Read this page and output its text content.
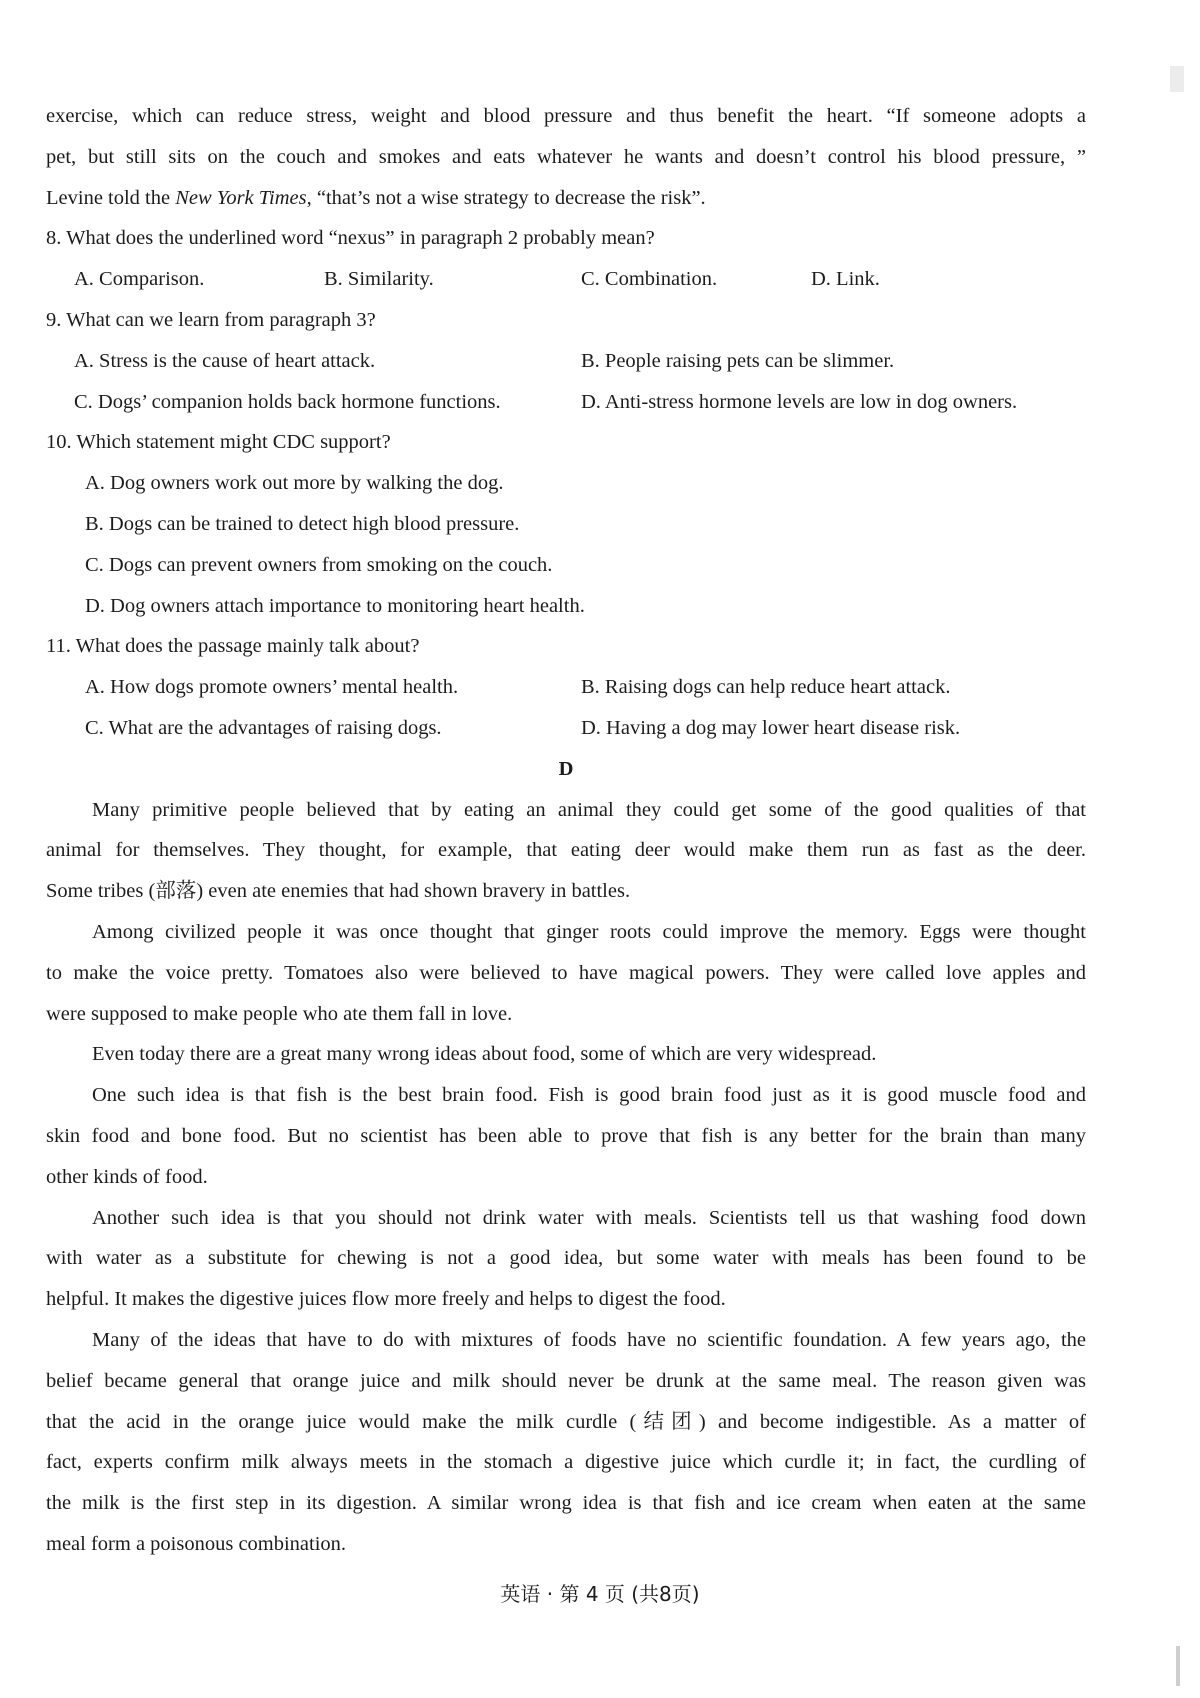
exercise, which can reduce stress, weight and blood pressure and thus benefit the heart. “If someone adopts a
pet, but still sits on the couch and smokes and eats whatever he wants and doesn’t control his blood pressure, ”
Levine told the New York Times, “that’s not a wise strategy to decrease the risk”.
8. What does the underlined word “nexus” in paragraph 2 probably mean?
A. Comparison.	B. Similarity.	C. Combination.	D. Link.
9. What can we learn from paragraph 3?
A. Stress is the cause of heart attack.	B. People raising pets can be slimmer.
C. Dogs’ companion holds back hormone functions.	D. Anti-stress hormone levels are low in dog owners.
10. Which statement might CDC support?
A. Dog owners work out more by walking the dog.
B. Dogs can be trained to detect high blood pressure.
C. Dogs can prevent owners from smoking on the couch.
D. Dog owners attach importance to monitoring heart health.
11. What does the passage mainly talk about?
A. How dogs promote owners’ mental health.	B. Raising dogs can help reduce heart attack.
C. What are the advantages of raising dogs.	D. Having a dog may lower heart disease risk.
D
Many primitive people believed that by eating an animal they could get some of the good qualities of that
animal for themselves. They thought, for example, that eating deer would make them run as fast as the deer.
Some tribes (部落) even ate enemies that had shown bravery in battles.
Among civilized people it was once thought that ginger roots could improve the memory. Eggs were thought
to make the voice pretty. Tomatoes also were believed to have magical powers. They were called love apples and
were supposed to make people who ate them fall in love.
Even today there are a great many wrong ideas about food, some of which are very widespread.
One such idea is that fish is the best brain food. Fish is good brain food just as it is good muscle food and
skin food and bone food. But no scientist has been able to prove that fish is any better for the brain than many
other kinds of food.
Another such idea is that you should not drink water with meals. Scientists tell us that washing food down
with water as a substitute for chewing is not a good idea, but some water with meals has been found to be
helpful. It makes the digestive juices flow more freely and helps to digest the food.
Many of the ideas that have to do with mixtures of foods have no scientific foundation. A few years ago, the
belief became general that orange juice and milk should never be drunk at the same meal. The reason given was
that the acid in the orange juice would make the milk curdle (结团) and become indigestible. As a matter of
fact, experts confirm milk always meets in the stomach a digestive juice which curdle it; in fact, the curdling of
the milk is the first step in its digestion. A similar wrong idea is that fish and ice cream when eaten at the same
meal form a poisonous combination.
英语 · 第 4 页 (共8页)
